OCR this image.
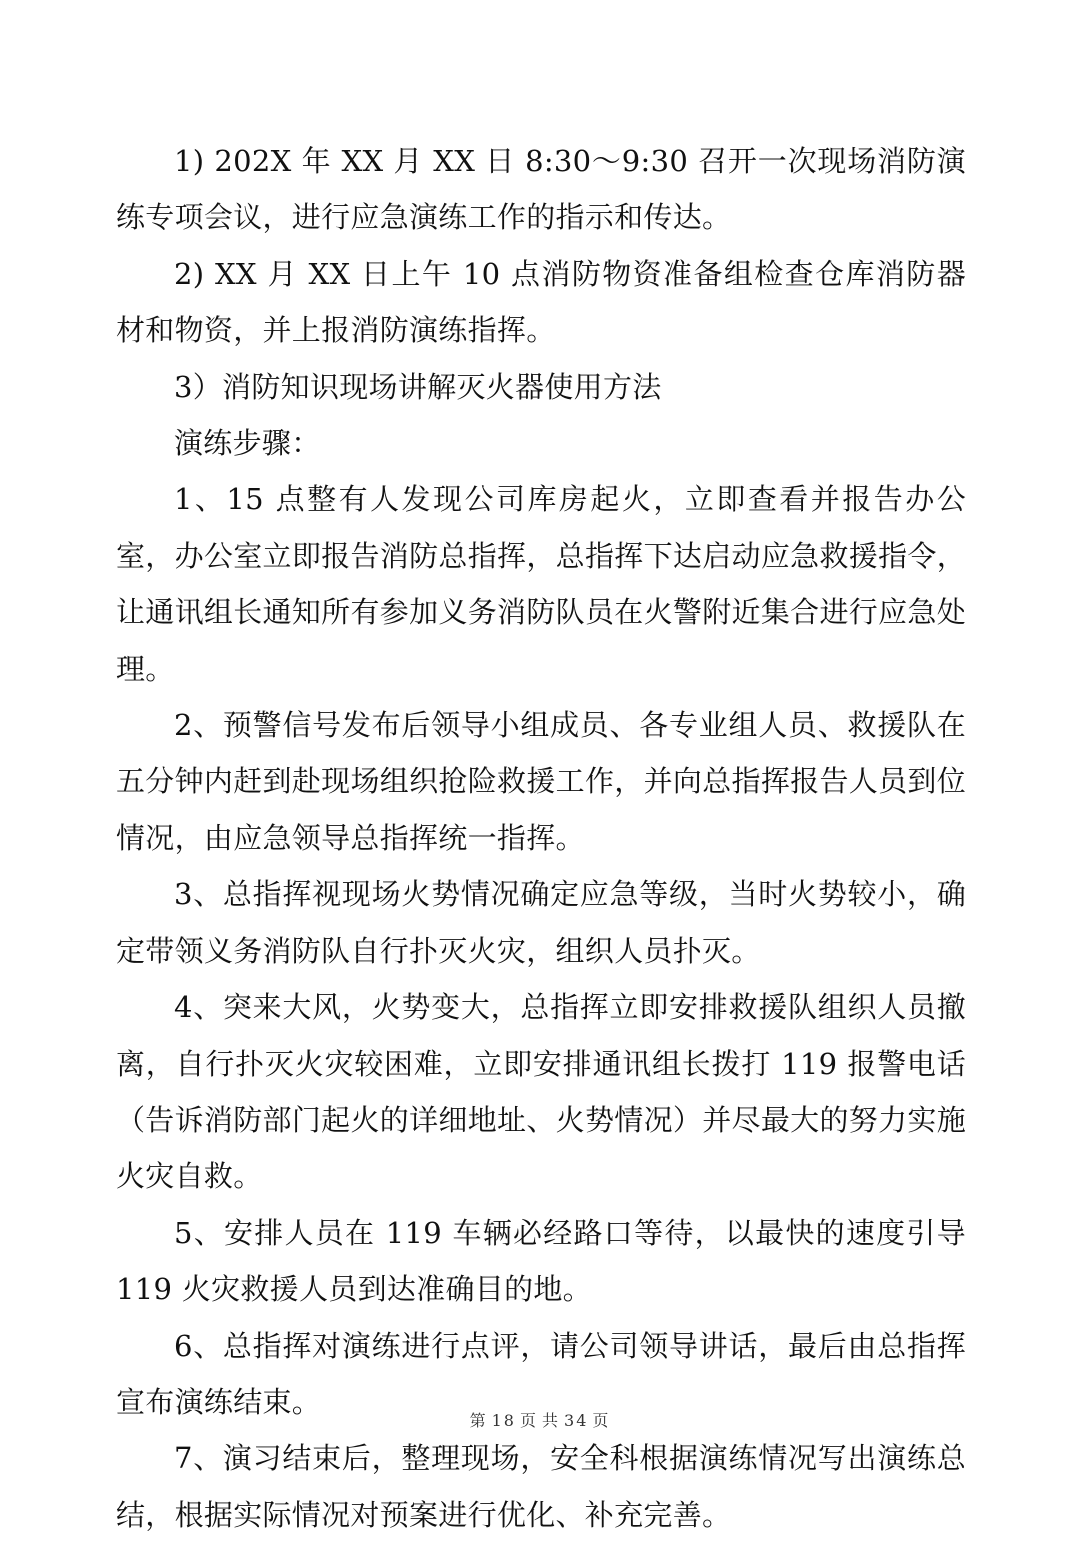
1) 202X 年 XX 月 XX 日 8:30～9:30 召开一次现场消防演练专项会议，进行应急演练工作的指示和传达。

2) XX 月 XX 日上午 10 点消防物资准备组检查仓库消防器材和物资，并上报消防演练指挥。

3）消防知识现场讲解灭火器使用方法

演练步骤：

1、15 点整有人发现公司库房起火，立即查看并报告办公室，办公室立即报告消防总指挥，总指挥下达启动应急救援指令，让通讯组长通知所有参加义务消防队员在火警附近集合进行应急处理。

2、预警信号发布后领导小组成员、各专业组人员、救援队在五分钟内赶到赴现场组织抢险救援工作，并向总指挥报告人员到位情况，由应急领导总指挥统一指挥。

3、总指挥视现场火势情况确定应急等级，当时火势较小，确定带领义务消防队自行扑灭火灾，组织人员扑灭。

4、突来大风，火势变大，总指挥立即安排救援队组织人员撤离，自行扑灭火灾较困难，立即安排通讯组长拨打 119 报警电话（告诉消防部门起火的详细地址、火势情况）并尽最大的努力实施火灾自救。

5、安排人员在 119 车辆必经路口等待，以最快的速度引导 119 火灾救援人员到达准确目的地。

6、总指挥对演练进行点评，请公司领导讲话，最后由总指挥宣布演练结束。

7、演习结束后，整理现场，安全科根据演练情况写出演练总结，根据实际情况对预案进行优化、补充完善。

第 18 页 共 34 页
